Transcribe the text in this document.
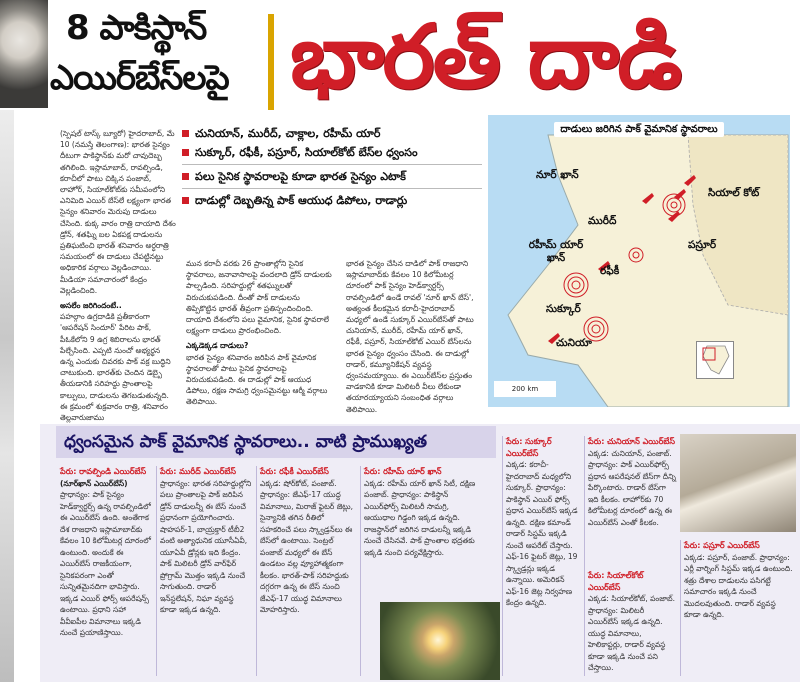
8 పాకిస్థాన్
ఎయిర్‌బేస్‌లపై భారత్ దాడి
(స్పెషల్ టాస్క్ బ్యూరో) హైదరాబాద్, మే 10 (నమస్తే తెలంగాణ): భారత సైన్యం దీటుగా పాకిస్థాన్‌కు మరో చావుదెబ్బ తగిలింది. ఇస్లామాబాద్, రావల్పిండి, కరాచీలో పాటు చిక్కిన పంజాబ్, లాహోర్, సియాల్‌కోట్‌కు సమీపంలోని ఎనిమిది ఎయిర్ బేస్‌లే లక్ష్యంగా భారత సైన్యం శనివారం మెరుపు దాడులు చేసింది. కుక్క వారం రాత్రి దాయాది దేశం డ్రోన్, శతఘ్ని బల ఏకపక్ష దాడులను ప్రతిఘటించి భారత్ శనివారం అర్ధరాత్రి సమయంలో ఈ దాడులు చేపట్టినట్టు అధికారిక వర్గాలు వెల్లడించాయి. మీడియా సమాచారంలో కేంద్రం వెల్లడించింది.
అసలేం జరిగిందంటే..
పహల్గాం ఉగ్రదాడికి ప్రతీకారంగా 'ఆపరేషన్ సిందూర్' పేరిట పాక్, పీఓకేలోని 9 ఉగ్ర శిబిరాలను భారత్ పేల్చేసింది. ఎప్పటి నుంచో అభ్యర్థన ఉన్న ఎందుకు చివరకు పాక్ వక్ర బుద్ధిని చాటుకుంది. భారత్‌కు చెందిన డెబ్బై తీయడానికి సరిహద్దు ప్రాంతాలపై కాల్పులు, దాడులను తెగబడుతున్నది. ఈ క్రమంలో శుక్రవారం రాత్రి, శనివారం తెల్లవారుజాము
చునియాన్, మురీద్, చాక్లాల, రహీమ్ యార్
సుక్కూర్, రఫీకీ, పస్రూర్, సియాల్‌కోట్ బేస్‌ల ధ్వంసం
పలు సైనిక స్థావరాలపై కూడా భారత సైన్యం ఎటాక్
దాడుల్లో దెబ్బతిన్న పాక్ ఆయుధ డిపోలు, రాడార్లు
మున కరాచీ వరకు 26 ప్రాంతాల్లోని సైనిక స్థావరాలు, జనావాసాలపై వందలాది డ్రోన్ దాడులకు పాల్పడింది. సరిహద్దుల్లో శతఘ్నులతో విరుచుకుపడింది. దీంతో పాక్ దాడులను తిప్పికొట్టిన భారత్ తీవ్రంగా ప్రతిస్పందించింది. దాయాది దేశంలోని పలు వైమానిక, సైనిక స్థావరాలే లక్ష్యంగా దాడులు ప్రారంభించింది.
ఎక్కడెక్కడ దాడులు?
భారత సైన్యం శనివారం జరిపిన పాక్ వైమానిక స్థావరాలతో పాటు సైనిక స్థావరాలపై విరుచుకుపడింది. ఈ దాడుల్లో పాక్ ఆయుధ డిపోలు, రక్షణ సామగ్రి ధ్వంసమైనట్టు ఆర్మీ వర్గాలు తెలిపాయి.
భారత సైన్యం చేసిన దాడిలో పాక్ రాజధాని ఇస్లామాబాద్‌కు కేవలం 10 కిలోమీటర్ల దూరంలో పాక్ సైన్యం హెడ్‌క్వార్టర్స్ రావల్పిండిలో ఉండే రావల్ 'నూర్ ఖాన్ బేస్', అత్యంత కీలకమైన కరాచీ-హైదరాబాద్ మధ్యలో ఉండే సుక్కూర్ ఎయిర్‌బేస్‌తో పాటు చునియాన్, మురీద్, రహీమ్ యార్ ఖాన్, రఫీకీ, పస్రూర్, సియాల్‌కోట్ ఎయిర్ బేస్‌లను భారత సైన్యం ధ్వంసం చేసింది. ఈ దాడుల్లో రాడార్, కమ్యూనికేషన్ వ్యవస్థ ధ్వంసమయ్యాయి. ఈ ఎయిర్‌బేస్‌ల ప్రస్తుతం వాడకానికి కూడా మిలిటరీ వీలు లేకుండా తయారయ్యాయని సంబంధిత వర్గాలు తెలిపాయి.
దాడులు జరిగిన పాక్ వైమానిక స్థావరాలు
నూర్ ఖాన్
సియాల్ కోట్
మురీద్
పస్రూర్
రహీమ్ యార్ ఖాన్
రఫీకీ
సుక్కూర్
చునియా
200 km
ధ్వంసమైన పాక్ వైమానిక స్థావరాలు.. వాటి ప్రాముఖ్యత
పేరు: రావల్పిండి ఎయిర్‌బేస్
(నూర్‌ఖాన్ ఎయిర్‌బేస్)
ప్రాధాన్యం: పాక్ సైన్యం హెడ్‌క్వార్టర్స్ ఉన్న రావల్పిండిలో ఈ ఎయిర్‌బేస్ ఉంది. అంతేగాక దేశ రాజధాని ఇస్లామాబాద్‌కు కేవలం 10 కిలోమీటర్ల దూరంలో ఉంటుంది. అందుకే ఈ ఎయిర్‌బేస్ రాజకీయంగా, సైనికపరంగా ఎంతో సున్నితమైనదిగా భావిస్తారు. ఇక్కడ ఎయిర్ ఫోర్స్ ఆపరేషన్స్ ఉంటాయి. ప్రధాని సహా వీవీఐపీల విమానాలు ఇక్కడి నుంచే ప్రయాణిస్తాయి.
పేరు: మురీద్ ఎయిర్‌బేస్
ప్రాధాన్యం: భారత సరిహద్దుల్లోని పలు ప్రాంతాలపై పాక్ జరిపిన డ్రోన్ దాడులన్నీ ఈ బేస్ నుంచే ప్రధానంగా ప్రయోగించారు. షాహపర్-1, బాయ్రక్తార్ టీబీ2 వంటి అత్యాధునిక యూసీఏవీ, యూఏవీ డ్రోన్లకు ఇది కేంద్రం. పాక్ మిలిటరీ డ్రోన్ వార్‌ఫేర్ ప్రోగ్రామ్ మొత్తం ఇక్కడి నుంచే సాగుతుంది. రాడార్ ఇన్‌స్టలేషన్, నిఘా వ్యవస్థ కూడా ఇక్కడ ఉన్నది.
పేరు: రఫీకీ ఎయిర్‌బేస్
ఎక్కడ: షోర్‌కోట్, పంజాబ్. ప్రాధాన్యం: జేఎఫ్-17 యుద్ధ విమానాలు, మిరాజ్ ఫైటర్ జెట్లు, సైన్యానికి తగిన రీతిలో సహకరించే పలు స్క్వాడ్రన్‌లు ఈ బేస్‌లో ఉంటాయి. సెంట్రల్ పంజాబ్ మధ్యలో ఈ బేస్ ఉండటం వల్ల వ్యూహాత్మకంగా కీలకం. భారత్-పాక్ సరిహద్దుకు దగ్గరగా ఉన్న ఈ బేస్ నుంచి జేఎఫ్-17 యుద్ధ విమానాలు మోహరిస్తారు.
పేరు: రహీమ్ యార్ ఖాన్
ఎక్కడ: రహీమ్ యార్ ఖాన్ సిటీ, దక్షిణ పంజాబ్. ప్రాధాన్యం: పాకిస్థాన్ ఎయిర్‌ఫోర్స్ మిలిటరీ సామగ్రి, ఆయుధాల గిడ్డంగి ఇక్కడ ఉన్నది. రాజస్థాన్‌లో జరిగిన దాడులన్నీ ఇక్కడి నుంచే చేసినవే. పాక్ ప్రాంతాల భద్రతకు ఇక్కడి నుంచి పర్యవేక్షిస్తారు.
పేరు: సుక్కూర్ ఎయిర్‌బేస్
ఎక్కడ: కరాచీ-హైదరాబాద్ మధ్యలోని సుక్కూర్. ప్రాధాన్యం: పాకిస్థాన్ ఎయిర్ ఫోర్స్ ప్రధాన ఎయిర్‌బేస్ ఇక్కడ ఉన్నది. దక్షిణ కమాండ్ రాడార్ సిస్టమ్ ఇక్కడి నుంచే ఆపరేట్ చేస్తారు. ఎఫ్-16 ఫైటర్ జెట్లు, 19 స్క్వాడ్రన్లు ఇక్కడ ఉన్నాయి. అమెరికన్ ఎఫ్-16 జెట్ల నిర్వహణ కేంద్రం ఉన్నది.
పేరు: చునియాన్ ఎయిర్‌బేస్
ఎక్కడ: చునియాన్, పంజాబ్. ప్రాధాన్యం: పాక్ ఎయిర్‌ఫోర్స్ ప్రధాన ఆపరేషనల్ బేస్‌గా దీన్ని పేర్కొంటారు. రాడార్ బేస్‌గా ఇది కీలకం. లాహోర్‌కు 70 కిలోమీటర్ల దూరంలో ఉన్న ఈ ఎయిర్‌బేస్ ఎంతో కీలకం.
పేరు: సియాల్‌కోట్ ఎయిర్‌బేస్
ఎక్కడ: సియాల్‌కోట్, పంజాబ్. ప్రాధాన్యం: మిలిటరీ ఎయిర్‌బేస్ ఇక్కడ ఉన్నది. యుద్ధ విమానాలు, హెలికాప్టర్లు, రాడార్ వ్యవస్థ కూడా ఇక్కడి నుంచే పని చేస్తాయి.
పేరు: పస్రూర్ ఎయిర్‌బేస్
ఎక్కడ: పస్రూర్, పంజాబ్. ప్రాధాన్యం: ఎర్లీ వార్నింగ్ సిస్టమ్ ఇక్కడ ఉంటుంది. శత్రు దేశాల దాడులను పసిగట్టే సమాచారం ఇక్కడి నుంచే మొదలవుతుంది. రాడార్ వ్యవస్థ కూడా ఉన్నది.
